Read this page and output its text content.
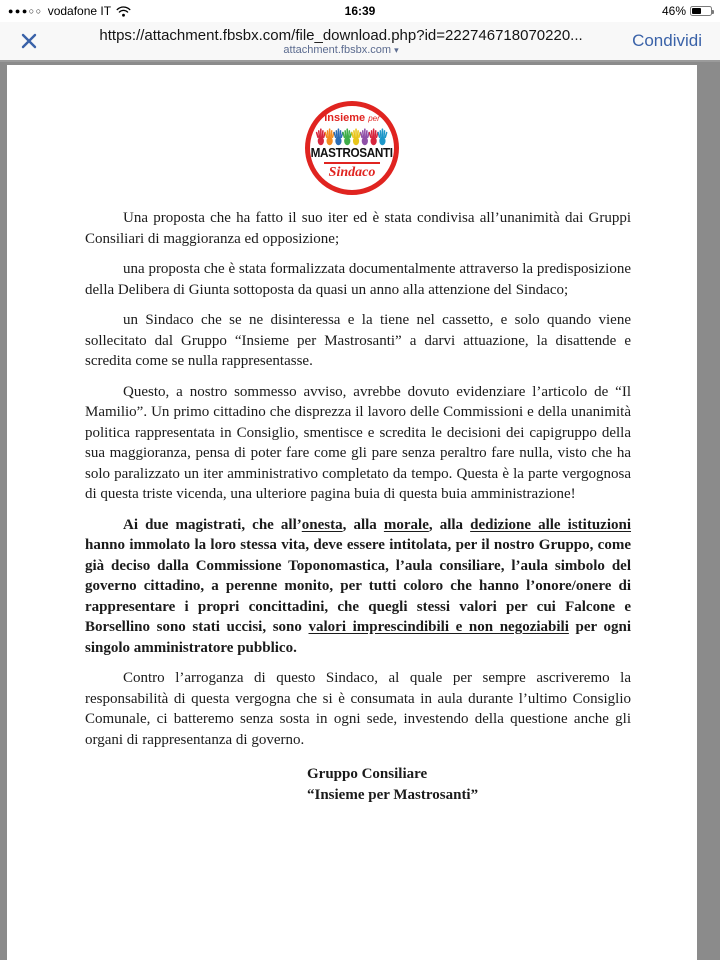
●●●○○ vodafone IT	16:39	46%
https://attachment.fbsbx.com/file_download.php?id=222746718070220...
attachment.fbsbx.com ▾	Condividi
Insieme per
MASTROSANTI
Sindaco

Una proposta che ha fatto il suo iter ed è stata condivisa all’unanimità dai Gruppi Consiliari di maggioranza ed opposizione;

una proposta che è stata formalizzata documentalmente attraverso la predisposizione della Delibera di Giunta sottoposta da quasi un anno alla attenzione del Sindaco;

un Sindaco che se ne disinteressa e la tiene nel cassetto, e solo quando viene sollecitato dal Gruppo “Insieme per Mastrosanti” a darvi attuazione, la disattende e scredita come se nulla rappresentasse.

Questo, a nostro sommesso avviso, avrebbe dovuto evidenziare l’articolo de “Il Mamilio”. Un primo cittadino che disprezza il lavoro delle Commissioni e della unanimità politica rappresentata in Consiglio, smentisce e scredita le decisioni dei capigruppo della sua maggioranza, pensa di poter fare come gli pare senza peraltro fare nulla, visto che ha solo paralizzato un iter amministrativo completato da tempo. Questa è la parte vergognosa di questa triste vicenda, una ulteriore pagina buia di questa buia amministrazione!

Ai due magistrati, che all’onesta, alla morale, alla dedizione alle istituzioni hanno immolato la loro stessa vita, deve essere intitolata, per il nostro Gruppo, come già deciso dalla Commissione Toponomastica, l’aula consiliare, l’aula simbolo del governo cittadino, a perenne monito, per tutti coloro che hanno l’onore/onere di rappresentare i propri concittadini, che quegli stessi valori per cui Falcone e Borsellino sono stati uccisi, sono valori imprescindibili e non negoziabili per ogni singolo amministratore pubblico.

Contro l’arroganza di questo Sindaco, al quale per sempre ascriveremo la responsabilità di questa vergogna che si è consumata in aula durante l’ultimo Consiglio Comunale, ci batteremo senza sosta in ogni sede, investendo della questione anche gli organi di rappresentanza di governo.

Gruppo Consiliare
“Insieme per Mastrosanti”
